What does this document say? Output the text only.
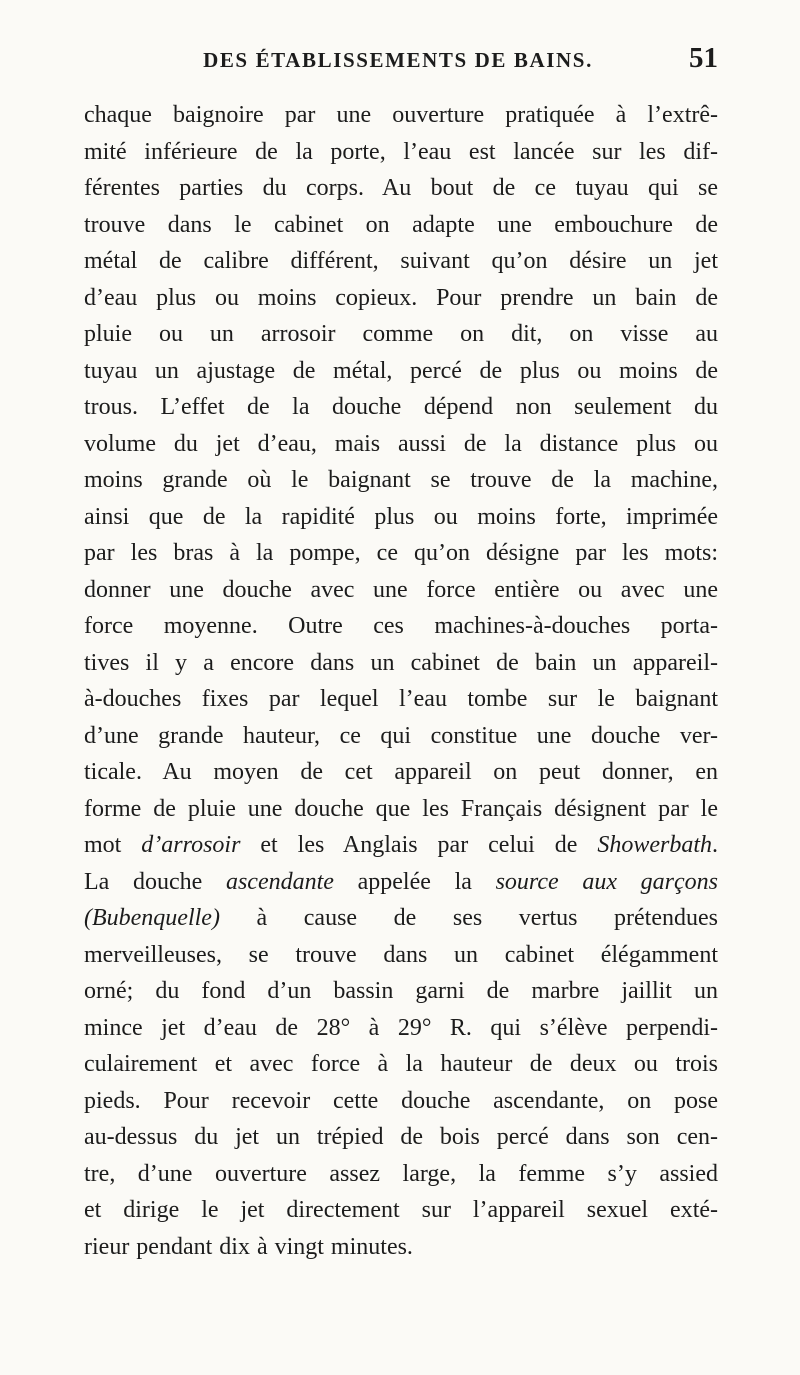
DES ÉTABLISSEMENTS DE BAINS.	51
chaque baignoire par une ouverture pratiquée à l’extrê-
mité inférieure de la porte, l’eau est lancée sur les dif-
férentes parties du corps. Au bout de ce tuyau qui se
trouve dans le cabinet on adapte une embouchure de
métal de calibre différent, suivant qu’on désire un jet
d’eau plus ou moins copieux. Pour prendre un bain de
pluie ou un arrosoir comme on dit, on visse au
tuyau un ajustage de métal, percé de plus ou moins de
trous. L’effet de la douche dépend non seulement du
volume du jet d’eau, mais aussi de la distance plus ou
moins grande où le baignant se trouve de la machine,
ainsi que de la rapidité plus ou moins forte, imprimée
par les bras à la pompe, ce qu’on désigne par les mots:
donner une douche avec une force entière ou avec une
force moyenne. Outre ces machines-à-douches porta-
tives il y a encore dans un cabinet de bain un appareil-
à-douches fixes par lequel l’eau tombe sur le baignant
d’une grande hauteur, ce qui constitue une douche ver-
ticale. Au moyen de cet appareil on peut donner, en
forme de pluie une douche que les Français désignent par le
mot d’arrosoir et les Anglais par celui de Showerbath.
La douche ascendante appelée la source aux garçons
(Bubenquelle) à cause de ses vertus prétendues
merveilleuses, se trouve dans un cabinet élégamment
orné; du fond d’un bassin garni de marbre jaillit un
mince jet d’eau de 28° à 29° R. qui s’élève perpendi-
culairement et avec force à la hauteur de deux ou trois
pieds. Pour recevoir cette douche ascendante, on pose
au-dessus du jet un trépied de bois percé dans son cen-
tre, d’une ouverture assez large, la femme s’y assied
et dirige le jet directement sur l’appareil sexuel exté-
rieur pendant dix à vingt minutes.
